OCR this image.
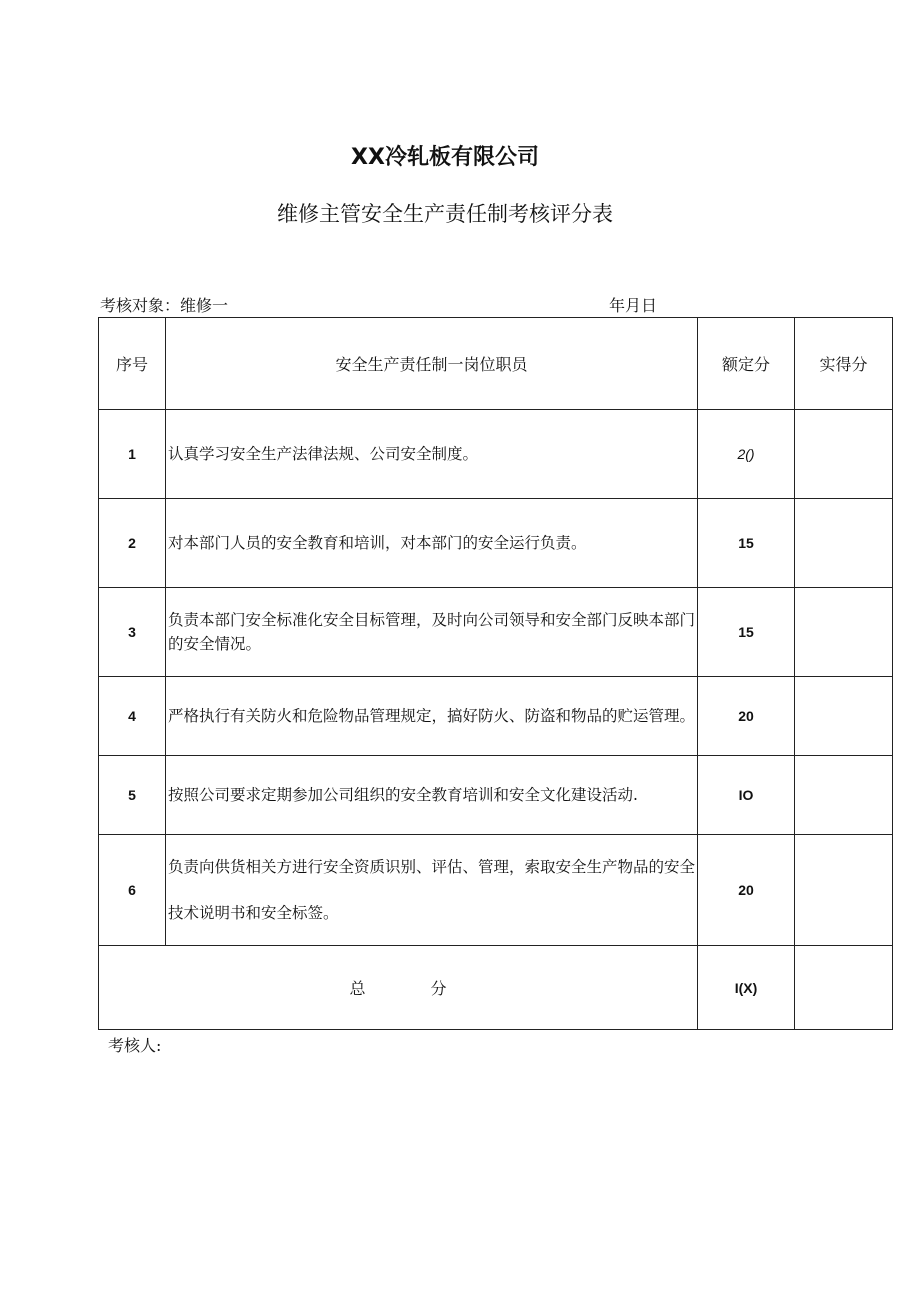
XX冷轧板有限公司
维修主管安全生产责任制考核评分表
考核对象：维修一	年月日
序号	安全生产责任制一岗位职员	额定分	实得分
1	认真学习安全生产法律法规、公司安全制度。	2()	
2	对本部门人员的安全教育和培训，对本部门的安全运行负责。	15	
3	负责本部门安全标准化安全目标管理，及时向公司领导和安全部门反映本部门的安全情况。	15	
4	严格执行有关防火和危险物品管理规定，搞好防火、防盗和物品的贮运管理。	20	
5	按照公司要求定期参加公司组织的安全教育培训和安全文化建设活动.	IO	
6	负责向供货相关方进行安全资质识别、评估、管理，索取安全生产物品的安全技术说明书和安全标签。	20	
总 分		I(X)	
考核人:
